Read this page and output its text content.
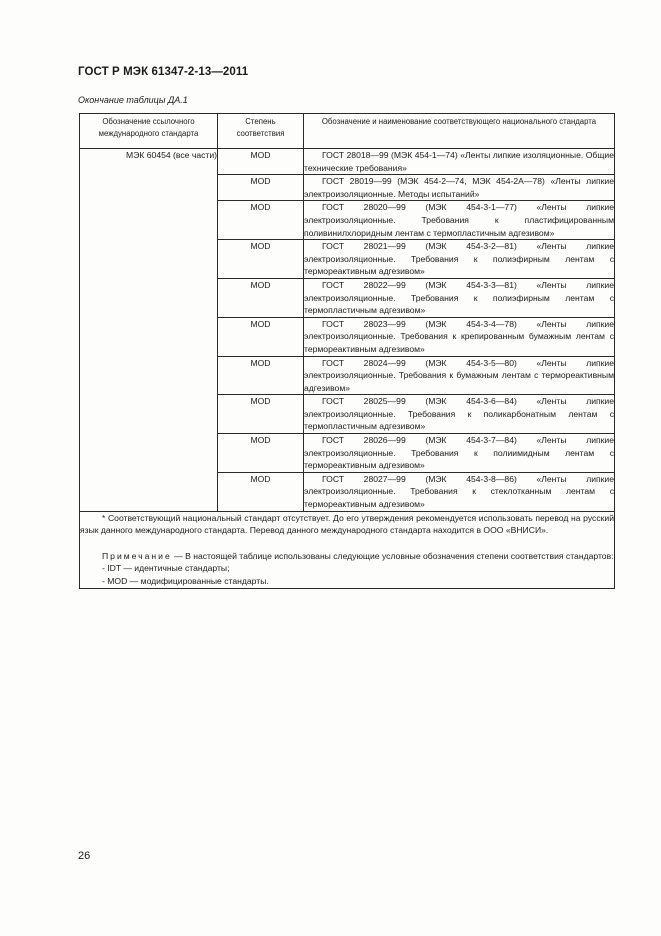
ГОСТ Р МЭК 61347-2-13—2011
Окончание таблицы ДА.1
Обозначение ссылочного международного стандарта	Степень соответствия	Обозначение и наименование соответствующего национального стандарта
МЭК 60454 (все части)	MOD	ГОСТ 28018—99 (МЭК 454-1—74) «Ленты липкие изоляционные. Общие технические требования»
	MOD	ГОСТ 28019—99 (МЭК 454-2—74, МЭК 454-2А—78) «Ленты липкие электроизоляционные. Методы испытаний»
	MOD	ГОСТ 28020—99 (МЭК 454-3-1—77) «Ленты липкие электроизоляционные. Требования к пластифицированным поливинилхлоридным лентам с термопластичным адгезивом»
	MOD	ГОСТ 28021—99 (МЭК 454-3-2—81) «Ленты липкие электроизоляционные. Требования к полиэфирным лентам с термореактивным адгезивом»
	MOD	ГОСТ 28022—99 (МЭК 454-3-3—81) «Ленты липкие электроизоляционные. Требования к полиэфирным лентам с термопластичным адгезивом»
	MOD	ГОСТ 28023—99 (МЭК 454-3-4—78) «Ленты липкие электроизоляционные. Требования к крепированным бумажным лентам с термореактивным адгезивом»
	MOD	ГОСТ 28024—99 (МЭК 454-3-5—80) «Ленты липкие электроизоляционные. Требования к бумажным лентам с термореактивным адгезивом»
	MOD	ГОСТ 28025—99 (МЭК 454-3-6—84) «Ленты липкие электроизоляционные. Требования к поликарбонатным лентам с термопластичным адгезивом»
	MOD	ГОСТ 28026—99 (МЭК 454-3-7—84) «Ленты липкие электроизоляционные. Требования к полиимидным лентам с термореактивным адгезивом»
	MOD	ГОСТ 28027—99 (МЭК 454-3-8—86) «Ленты липкие электроизоляционные. Требования к стеклотканным лентам с термореактивным адгезивом»

* Соответствующий национальный стандарт отсутствует. До его утверждения рекомендуется использовать перевод на русский язык данного международного стандарта. Перевод данного международного стандарта находится в ООО «ВНИСИ».

Примечание — В настоящей таблице использованы следующие условные обозначения степени соответствия стандартов:

- IDT — идентичные стандарты;

- MOD — модифицированные стандарты.		

26
